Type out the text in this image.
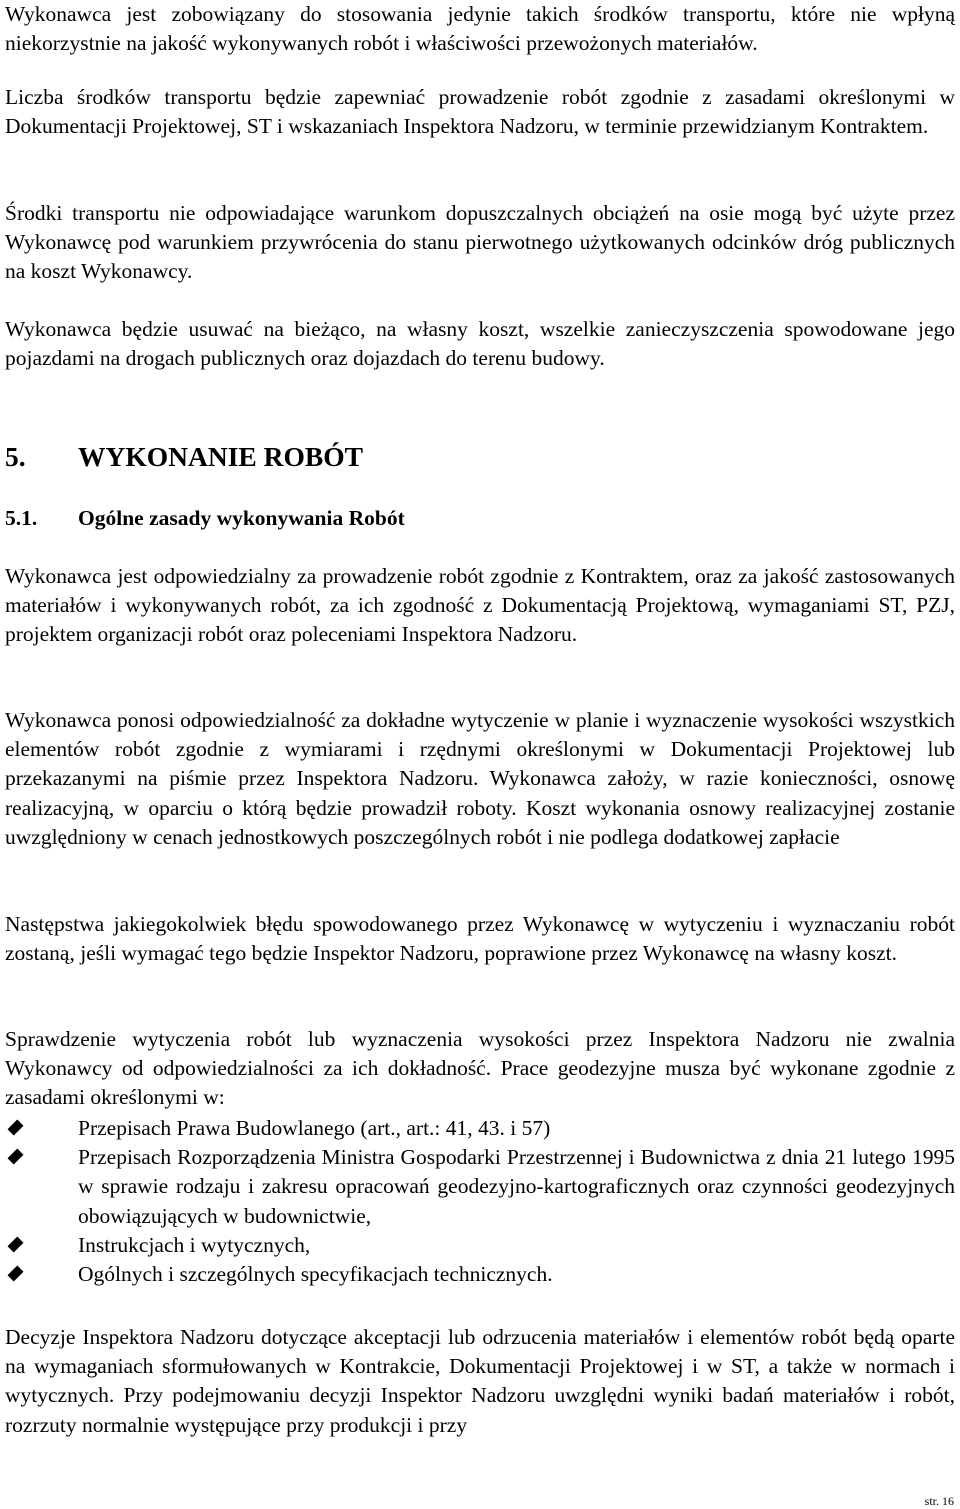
Wykonawca jest zobowiązany do stosowania jedynie takich środków transportu, które nie wpłyną niekorzystnie na jakość wykonywanych robót i właściwości przewożonych materiałów.

Liczba środków transportu będzie zapewniać prowadzenie robót zgodnie z zasadami określonymi w Dokumentacji Projektowej, ST i wskazaniach Inspektora Nadzoru, w terminie przewidzianym Kontraktem.

Środki transportu nie odpowiadające warunkom dopuszczalnych obciążeń na osie mogą być użyte przez Wykonawcę pod warunkiem przywrócenia do stanu pierwotnego użytkowanych odcinków dróg publicznych na koszt Wykonawcy.

Wykonawca będzie usuwać na bieżąco, na własny koszt, wszelkie zanieczyszczenia spowodowane jego pojazdami na drogach publicznych oraz dojazdach do terenu budowy.

5. WYKONANIE ROBÓT
5.1. Ogólne zasady wykonywania Robót

Wykonawca jest odpowiedzialny za prowadzenie robót zgodnie z Kontraktem, oraz za jakość zastosowanych materiałów i wykonywanych robót, za ich zgodność z Dokumentacją Projektową, wymaganiami ST, PZJ, projektem organizacji robót oraz poleceniami Inspektora Nadzoru.

Wykonawca ponosi odpowiedzialność za dokładne wytyczenie w planie i wyznaczenie wysokości wszystkich elementów robót zgodnie z wymiarami i rzędnymi określonymi w Dokumentacji Projektowej lub przekazanymi na piśmie przez Inspektora Nadzoru. Wykonawca założy, w razie konieczności, osnowę realizacyjną, w oparciu o którą będzie prowadził roboty. Koszt wykonania osnowy realizacyjnej zostanie uwzględniony w cenach jednostkowych poszczególnych robót i nie podlega dodatkowej zapłacie

Następstwa jakiegokolwiek błędu spowodowanego przez Wykonawcę w wytyczeniu i wyznaczaniu robót zostaną, jeśli wymagać tego będzie Inspektor Nadzoru, poprawione przez Wykonawcę na własny koszt.

Sprawdzenie wytyczenia robót lub wyznaczenia wysokości przez Inspektora Nadzoru nie zwalnia Wykonawcy od odpowiedzialności za ich dokładność. Prace geodezyjne musza być wykonane zgodnie z zasadami określonymi w:

Przepisach Prawa Budowlanego (art., art.: 41, 43. i 57)
Przepisach Rozporządzenia Ministra Gospodarki Przestrzennej i Budownictwa z dnia 21 lutego 1995 w sprawie rodzaju i zakresu opracowań geodezyjno-kartograficznych oraz czynności geodezyjnych obowiązujących w budownictwie,
Instrukcjach i wytycznych,
Ogólnych i szczególnych specyfikacjach technicznych.

Decyzje Inspektora Nadzoru dotyczące akceptacji lub odrzucenia materiałów i elementów robót będą oparte na wymaganiach sformułowanych w Kontrakcie, Dokumentacji Projektowej i w ST, a także w normach i wytycznych. Przy podejmowaniu decyzji Inspektor Nadzoru uwzględni wyniki badań materiałów i robót, rozrzuty normalnie występujące przy produkcji i przy

str. 16
